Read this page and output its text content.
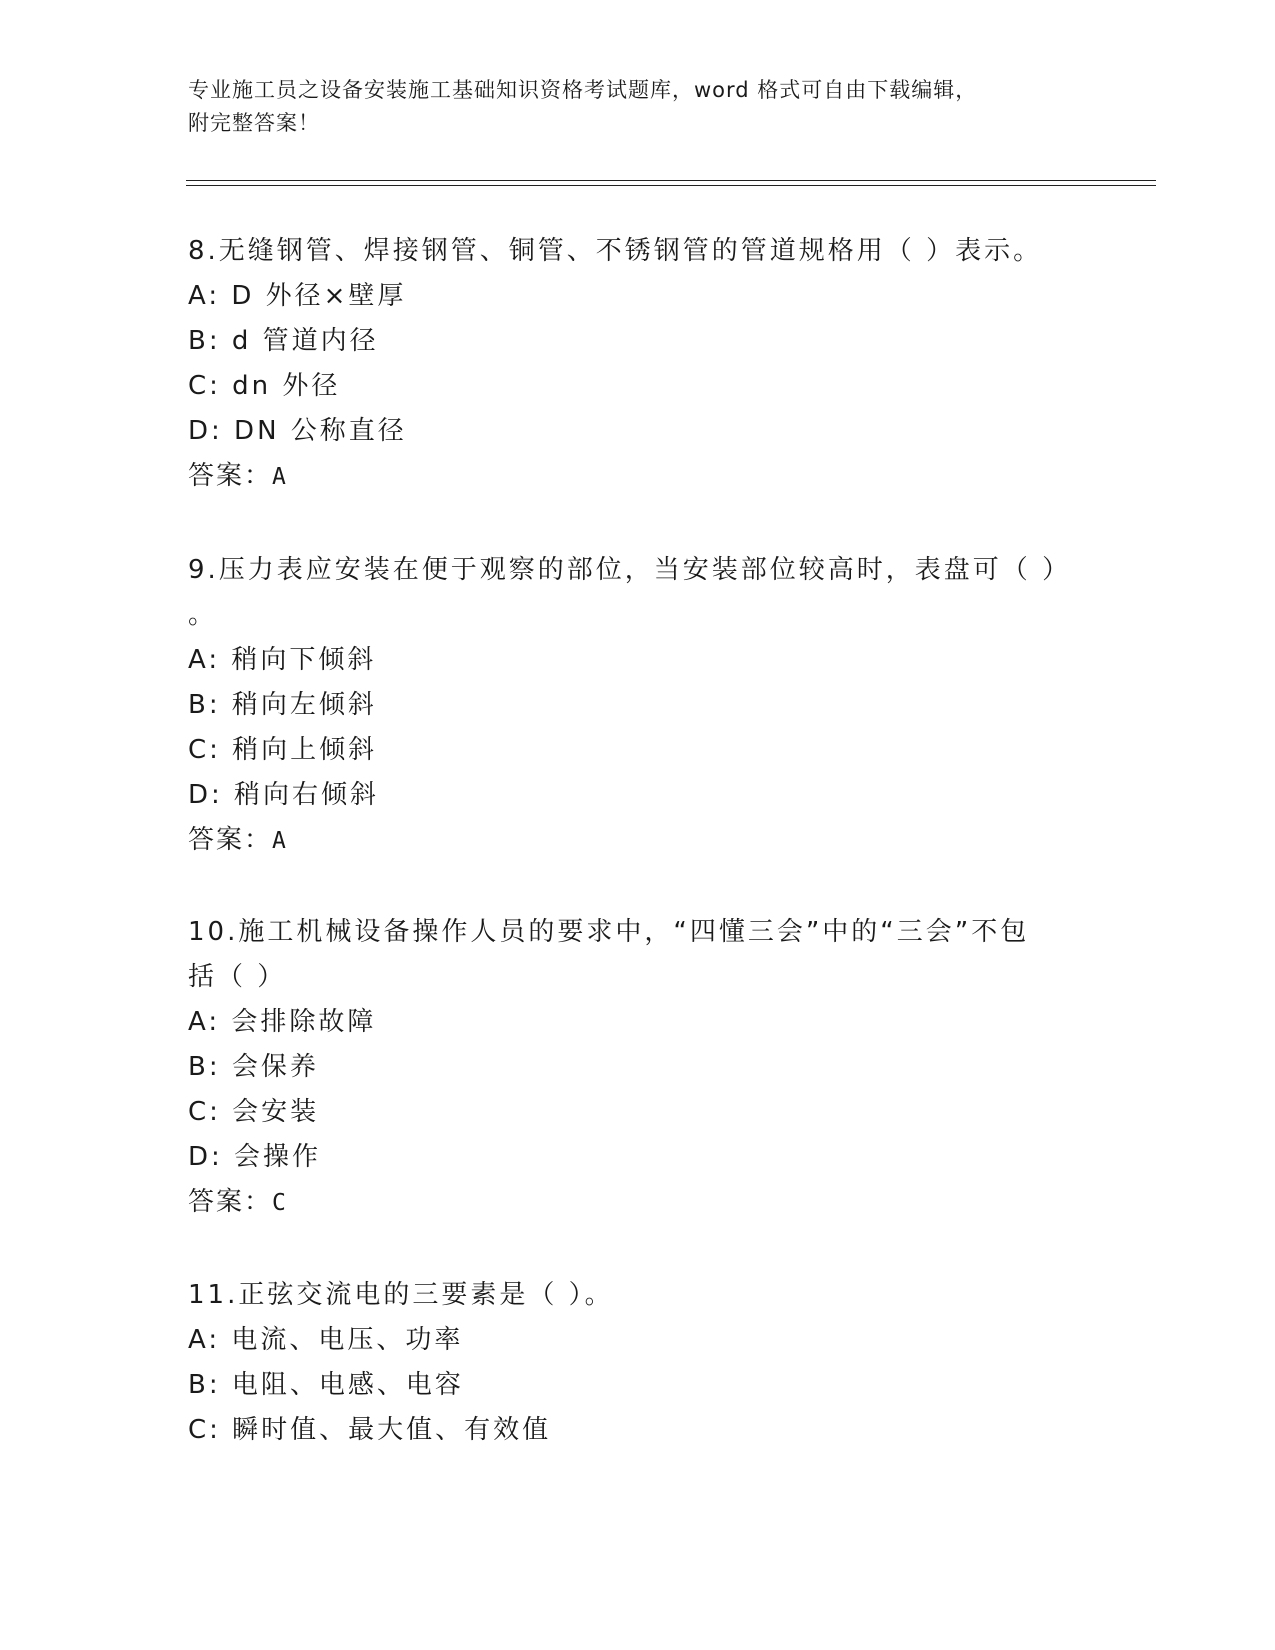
专业施工员之设备安装施工基础知识资格考试题库，word 格式可自由下载编辑，
附完整答案！
8.无缝钢管、焊接钢管、铜管、不锈钢管的管道规格用（ ）表示。
A: D 外径×壁厚
B: d 管道内径
C: dn 外径
D: DN 公称直径
答案：A
9.压力表应安装在便于观察的部位，当安装部位较高时，表盘可（ ）
。
A: 稍向下倾斜
B: 稍向左倾斜
C: 稍向上倾斜
D: 稍向右倾斜
答案：A
10.施工机械设备操作人员的要求中，“四懂三会”中的“三会”不包
括（ ）
A: 会排除故障
B: 会保养
C: 会安装
D: 会操作
答案：C
11.正弦交流电的三要素是（ ）。
A: 电流、电压、功率
B: 电阻、电感、电容
C: 瞬时值、最大值、有效值
